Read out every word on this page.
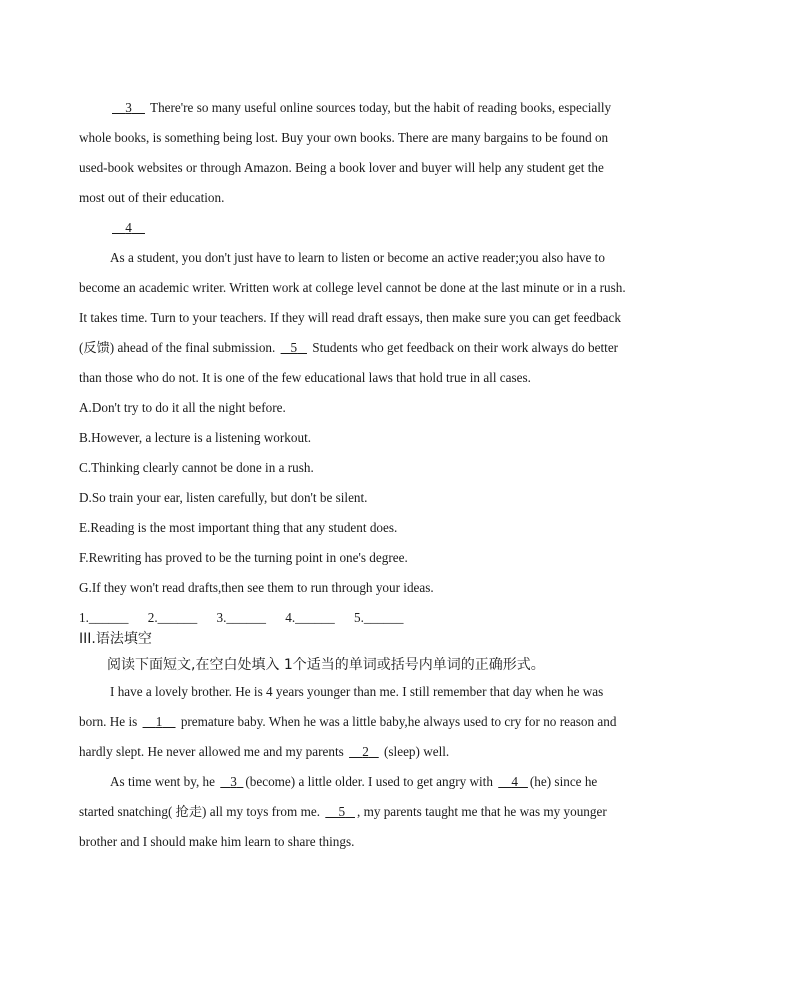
3     There're so many useful online sources today, but the habit of reading books, especially
whole books, is something being lost. Buy your own books. There are many bargains to be found on
used-book websites or through Amazon. Being a book lover and buyer will help any student get the
most out of their education.
4
As a student, you don't just have to learn to listen or become an active reader;you also have to
become an academic writer. Written work at college level cannot be done at the last minute or in a rush.
It takes time. Turn to your teachers. If they will read draft essays, then make sure you can get feedback
(反馈) ahead of the final submission.    5    Students who get feedback on their work always do better
than those who do not. It is one of the few educational laws that hold true in all cases.
A.Don't try to do it all the night before.
B.However, a lecture is a listening workout.
C.Thinking clearly cannot be done in a rush.
D.So train your ear, listen carefully, but don't be silent.
E.Reading is the most important thing that any student does.
F.Rewriting has proved to be the turning point in one's degree.
G.If they won't read drafts,then see them to run through your ideas.
1.______ 2.______ 3.______ 4.______ 5.______
III.语法填空
阅读下面短文,在空白处填入 1个适当的单词或括号内单词的正确形式。
I have a lovely brother. He is 4 years younger than me. I still remember that day when he was
born. He is     1     premature baby. When he was a little baby,he always used to cry for no reason and
hardly slept. He never allowed me and my parents     2    (sleep) well.
As time went by, he    3 (become) a little older. I used to get angry with     4 (he) since he
started snatching( 抢走) all my toys from me.     5 , my parents taught me that he was my younger
brother and I should make him learn to share things.
